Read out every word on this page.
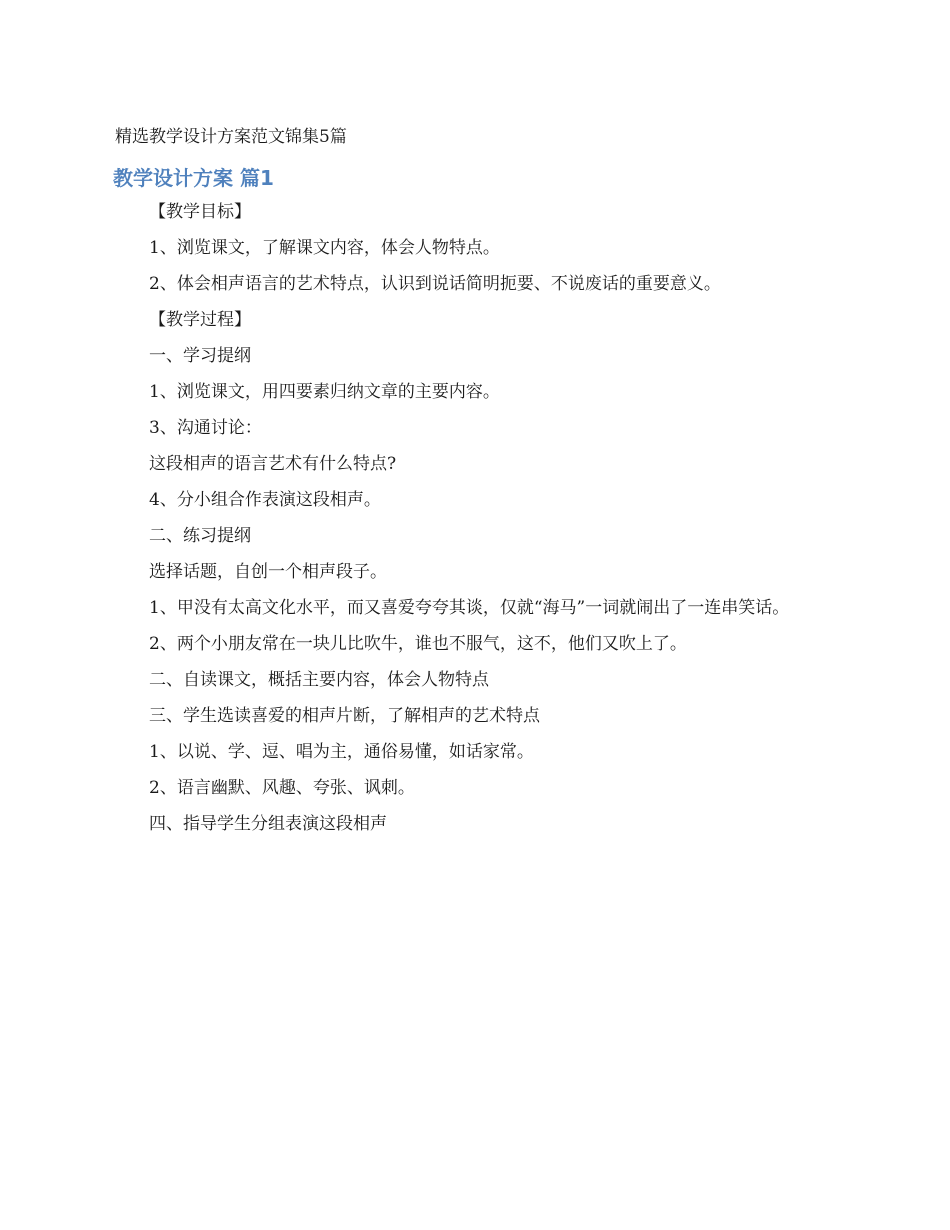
精选教学设计方案范文锦集5篇
教学设计方案 篇1

【教学目标】

1、浏览课文，了解课文内容，体会人物特点。

2、体会相声语言的艺术特点，认识到说话简明扼要、不说废话的重要意义。

【教学过程】

一、学习提纲

1、浏览课文，用四要素归纳文章的主要内容。

3、沟通讨论：

这段相声的语言艺术有什么特点?

4、分小组合作表演这段相声。

二、练习提纲

选择话题，自创一个相声段子。

1、甲没有太高文化水平，而又喜爱夸夸其谈，仅就“海马”一词就闹出了一连串笑话。

2、两个小朋友常在一块儿比吹牛，谁也不服气，这不，他们又吹上了。

二、自读课文，概括主要内容，体会人物特点

三、学生选读喜爱的相声片断，了解相声的艺术特点

1、以说、学、逗、唱为主，通俗易懂，如话家常。

2、语言幽默、风趣、夸张、讽刺。

四、指导学生分组表演这段相声
